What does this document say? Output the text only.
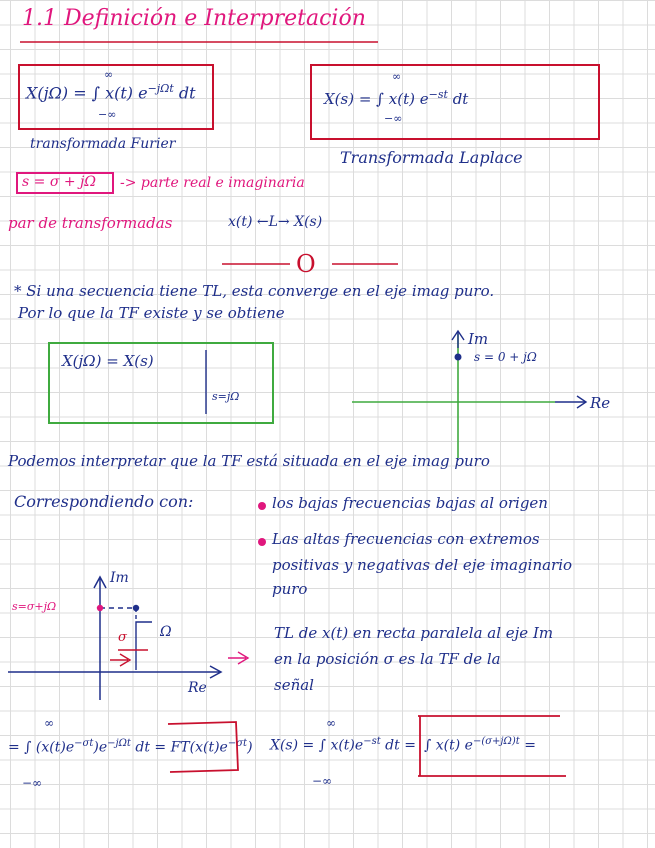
1.1 Definición e Interpretación
X(jΩ) = ∫ x(t) $e^{-j\Omega t}$ dt
∞
−∞
transformada Furier
X(s) = ∫ x(t) $e^{-st}$ dt
∞
−∞
Transformada Laplace
s = σ + jΩ -> parte real e imaginaria
par de transformadas	x(t) ←L→ X(s)
O
* Si una secuencia tiene TL, esta converge en el eje imag puro.
Por lo que la TF existe y se obtiene
X(jΩ) = X(s)
s=jΩ
Im
Re
s = 0 + jΩ
Podemos interpretar que la TF está situada en el eje imag puro
Correspondiendo con:	los bajas frecuencias bajas al origen
Las altas frecuencias con extremos
positivas y negativas del eje imaginario
puro
Im
Re
s=σ+jΩ
Ω
σ	TL de x(t) en recta paralela al eje Im
en la posición σ es la TF de la
señal
∞
= ∫ $(x(t)e^{-\sigma t})e^{-j\Omega t}$ dt = $FT(x(t)e^{-\sigma t})$
−∞
∞
X(s) = ∫ $x(t)e^{-st}$ dt =
−∞
∫ x(t) $e^{-(\sigma+j\Omega)t}$ =
